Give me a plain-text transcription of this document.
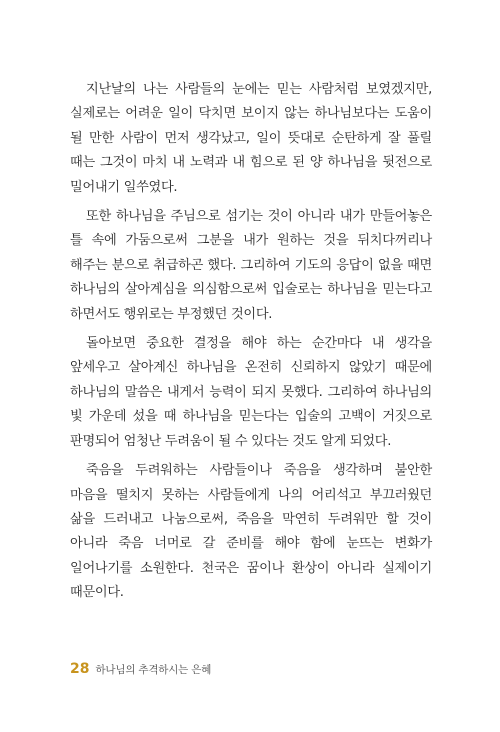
지난날의 나는 사람들의 눈에는 믿는 사람처럼 보였겠지만, 실제로는 어려운 일이 닥치면 보이지 않는 하나님보다는 도움이 될 만한 사람이 먼저 생각났고, 일이 뜻대로 순탄하게 잘 풀릴 때는 그것이 마치 내 노력과 내 힘으로 된 양 하나님을 뒷전으로 밀어내기 일쑤였다.

또한 하나님을 주님으로 섬기는 것이 아니라 내가 만들어놓은 틀 속에 가둠으로써 그분을 내가 원하는 것을 뒤치다꺼리나 해주는 분으로 취급하곤 했다. 그리하여 기도의 응답이 없을 때면 하나님의 살아계심을 의심함으로써 입술로는 하나님을 믿는다고 하면서도 행위로는 부정했던 것이다.

돌아보면 중요한 결정을 해야 하는 순간마다 내 생각을 앞세우고 살아계신 하나님을 온전히 신뢰하지 않았기 때문에 하나님의 말씀은 내게서 능력이 되지 못했다. 그리하여 하나님의 빛 가운데 섰을 때 하나님을 믿는다는 입술의 고백이 거짓으로 판명되어 엄청난 두려움이 될 수 있다는 것도 알게 되었다.

죽음을 두려워하는 사람들이나 죽음을 생각하며 불안한 마음을 떨치지 못하는 사람들에게 나의 어리석고 부끄러웠던 삶을 드러내고 나눔으로써, 죽음을 막연히 두려워만 할 것이 아니라 죽음 너머로 갈 준비를 해야 함에 눈뜨는 변화가 일어나기를 소원한다. 천국은 꿈이나 환상이 아니라 실제이기 때문이다.

28 하나님의 추격하시는 은혜
